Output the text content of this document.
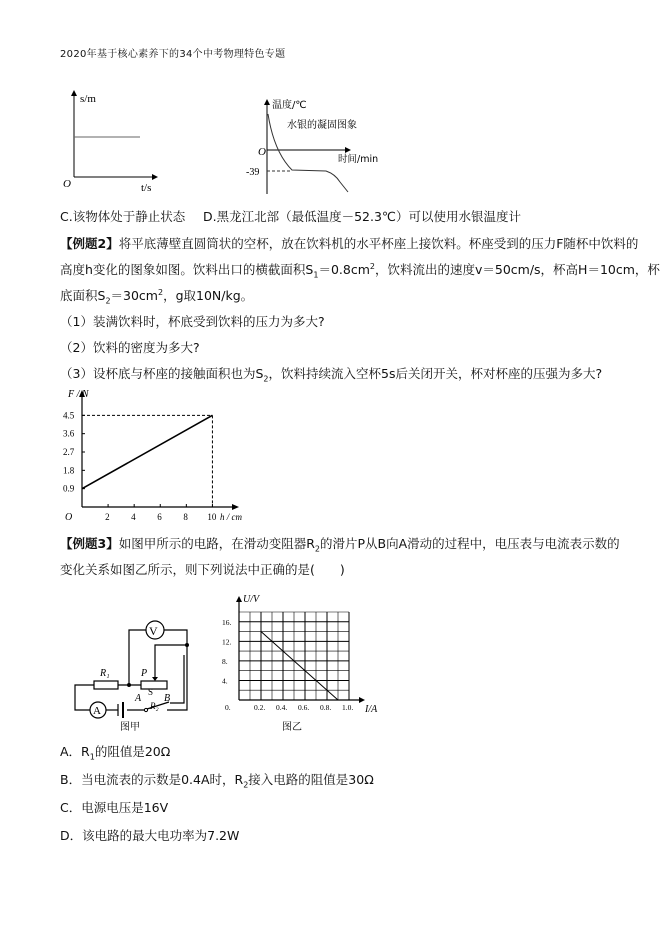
2020年基于核心素养下的34个中考物理特色专题
s/m
t/s
O
温度/℃
水银的凝固图象
时间/min
O
-39
C.该物体处于静止状态 D.黑龙江北部（最低温度－52.3℃）可以使用水银温度计
【例题2】将平底薄壁直圆筒状的空杯，放在饮料机的水平杯座上接饮料。杯座受到的压力F随杯中饮料的
高度h变化的图象如图。饮料出口的横截面积$S_1=0.8cm^2$，饮料流出的速度v＝50cm/s，杯高H＝10cm，杯
底面积$S_2=30cm^2$，g取10N/kg。
（1）装满饮料时，杯底受到饮料的压力为多大?
（2）饮料的密度为多大?
（3）设杯底与杯座的接触面积也为$S_2$，饮料持续流入空杯5s后关闭开关，杯对杯座的压强为多大?
0.9
1.8
2.7
3.6
4.5
2 4 6 8 10
F / N
h / cm
O
【例题3】如图甲所示的电路，在滑动变阻器$R_2$的滑片P从B向A滑动的过程中，电压表与电流表示数的
变化关系如图乙所示，则下列说法中正确的是(　　)
V
A
R₁	P
A B
R₂
S
图甲
4.
8.
12.
16.
0.	0.2. 0.4. 0.6. 0.8. 1.0.
U/V
I/A
图乙
A．$R_1$的阻值是20Ω
B．当电流表的示数是0.4A时，$R_2$接入电路的阻值是30Ω
C．电源电压是16V
D．该电路的最大电功率为7.2W
